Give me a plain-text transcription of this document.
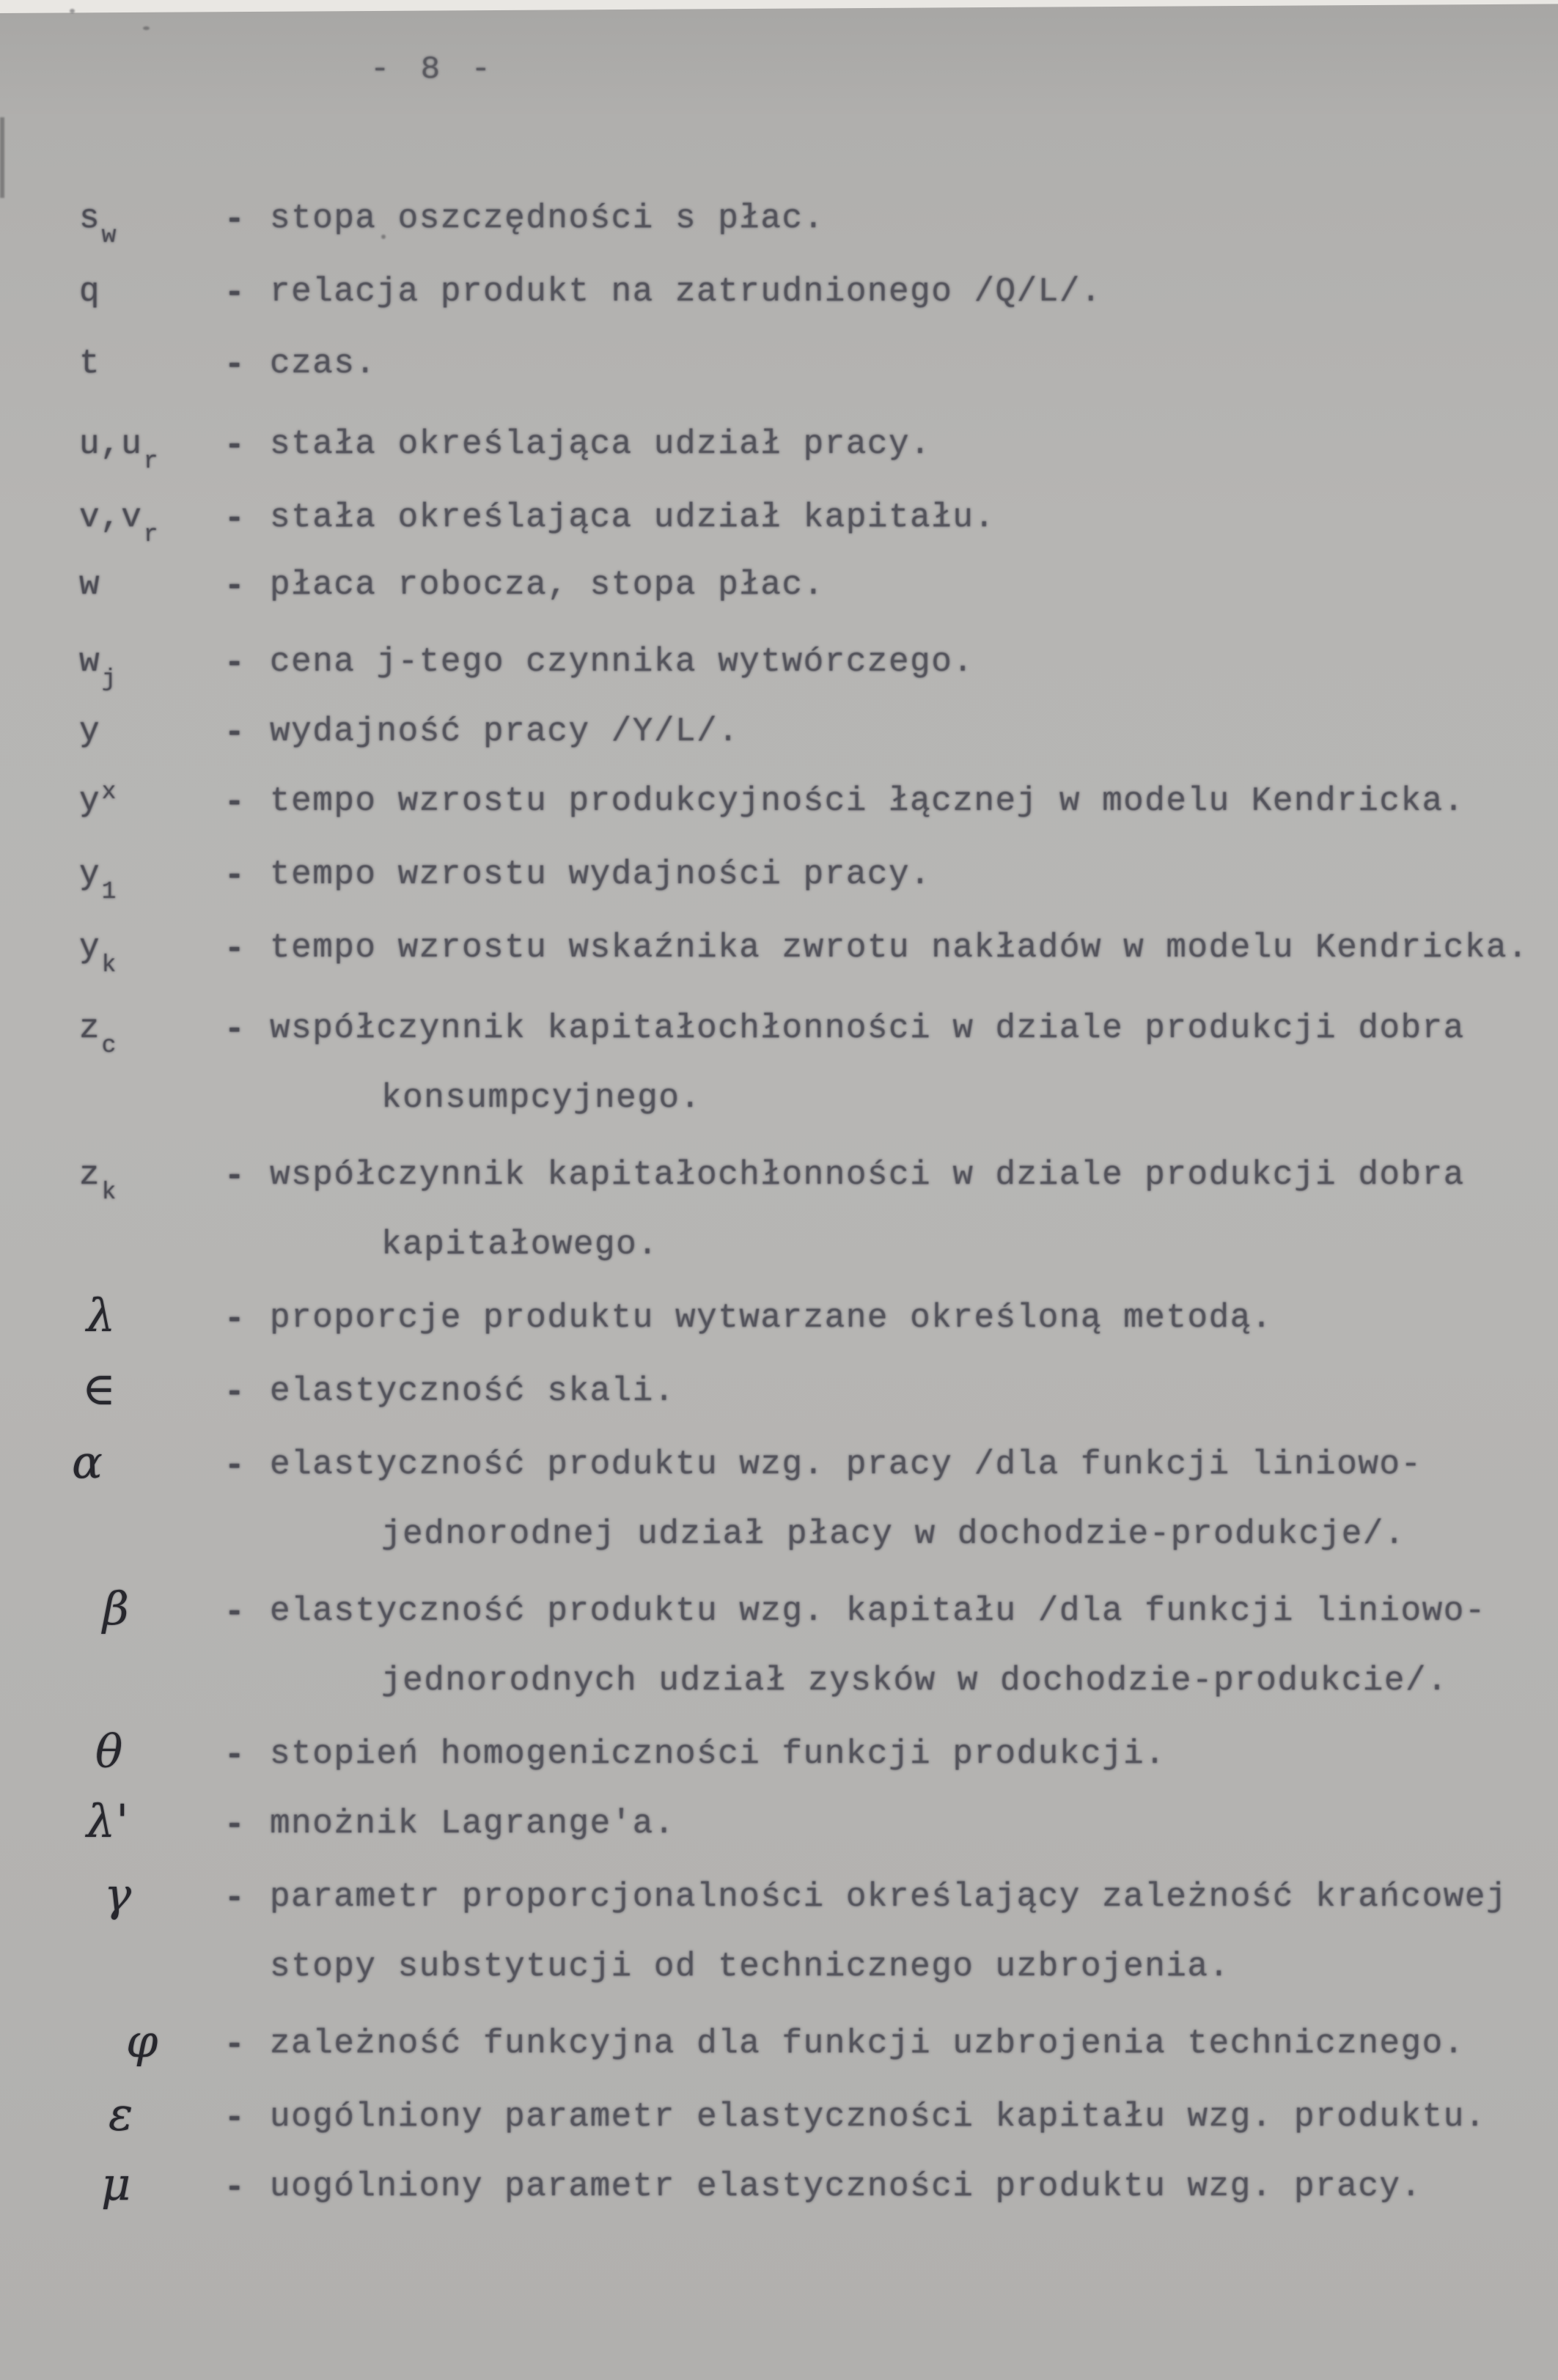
- 8 -
$s_w$	- stopa oszczędności s płac.
q	- relacja produkt na zatrudnionego /Q/L/.
t	- czas.
$u,u_r$ - stała określająca udział pracy.
$v,v_r$ - stała określająca udział kapitału.
w	- płaca robocza, stopa płac.
$w_j$	- cena j-tego czynnika wytwórczego.
y	- wydajność pracy /Y/L/.
$y^x$	- tempo wzrostu produkcyjności łącznej w modelu Kendricka.
$y_1$	- tempo wzrostu wydajności pracy.
$y_k$	- tempo wzrostu wskaźnika zwrotu nakładów w modelu Kendricka.
$z_c$	- współczynnik kapitałochłonności w dziale produkcji dobra
konsumpcyjnego.
$z_k$	- współczynnik kapitałochłonności w dziale produkcji dobra
kapitałowego.
λ	- proporcje produktu wytwarzane określoną metodą.
∈	- elastyczność skali.
α	- elastyczność produktu wzg. pracy /dla funkcji liniowo-
jednorodnej udział płacy w dochodzie-produkcje/.
β	- elastyczność produktu wzg. kapitału /dla funkcji liniowo-
jednorodnych udział zysków w dochodzie-produkcie/.
θ	- stopień homogeniczności funkcji produkcji.
λ'	- mnożnik Lagrange'a.
γ	- parametr proporcjonalności określający zależność krańcowej
stopy substytucji od technicznego uzbrojenia.
φ - zależność funkcyjna dla funkcji uzbrojenia technicznego.
ε	- uogólniony parametr elastyczności kapitału wzg. produktu.
μ	- uogólniony parametr elastyczności produktu wzg. pracy.
